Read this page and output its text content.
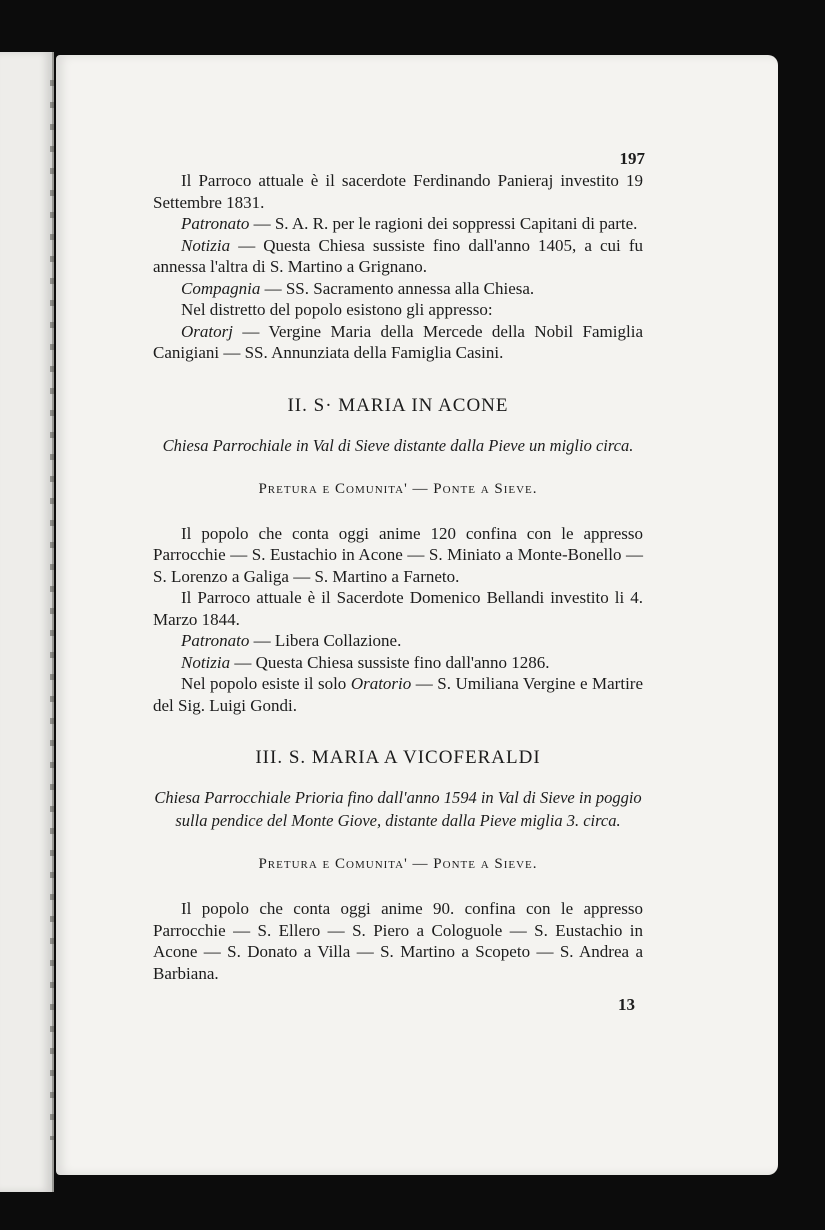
197

Il Parroco attuale è il sacerdote Ferdinando Panieraj investito 19 Settembre 1831.

Patronato — S. A. R. per le ragioni dei soppressi Capitani di parte.

Notizia — Questa Chiesa sussiste fino dall'anno 1405, a cui fu annessa l'altra di S. Martino a Grignano.

Compagnia — SS. Sacramento annessa alla Chiesa.

Nel distretto del popolo esistono gli appresso:

Oratorj — Vergine Maria della Mercede della Nobil Famiglia Canigiani — SS. Annunziata della Famiglia Casini.

II. S· MARIA IN ACONE
Chiesa Parrochiale in Val di Sieve distante dalla Pieve un miglio circa.
Pretura e Comunita' — Ponte a Sieve.

Il popolo che conta oggi anime 120 confina con le appresso Parrocchie — S. Eustachio in Acone — S. Miniato a Monte-Bonello — S. Lorenzo a Galiga — S. Martino a Farneto.

Il Parroco attuale è il Sacerdote Domenico Bellandi investito li 4. Marzo 1844.

Patronato — Libera Collazione.

Notizia — Questa Chiesa sussiste fino dall'anno 1286.

Nel popolo esiste il solo Oratorio — S. Umiliana Vergine e Martire del Sig. Luigi Gondi.

III. S. MARIA A VICOFERALDI
Chiesa Parrocchiale Prioria fino dall'anno 1594 in Val di Sieve in poggio sulla pendice del Monte Giove, distante dalla Pieve miglia 3. circa.
Pretura e Comunita' — Ponte a Sieve.

Il popolo che conta oggi anime 90. confina con le appresso Parrocchie — S. Ellero — S. Piero a Cologuole — S. Eustachio in Acone — S. Donato a Villa — S. Martino a Scopeto — S. Andrea a Barbiana.

13
